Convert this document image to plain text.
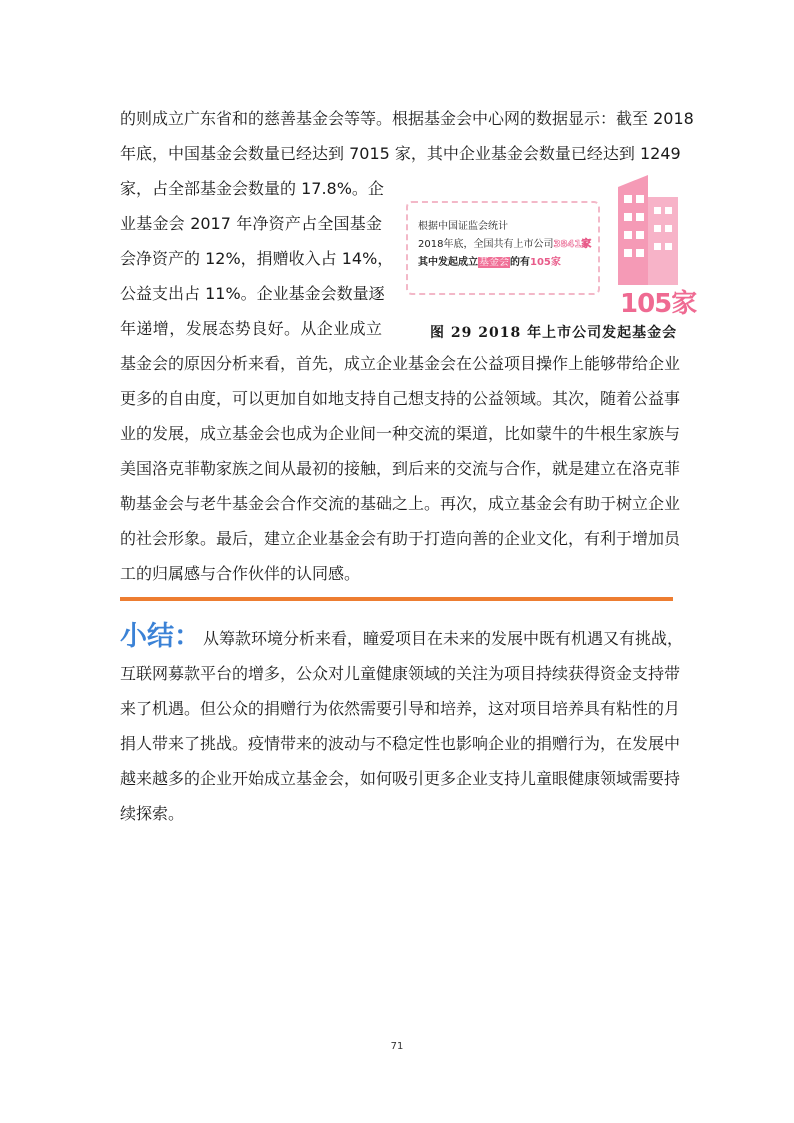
的则成立广东省和的慈善基金会等等。根据基金会中心网的数据显示：截至 2018
年底，中国基金会数量已经达到 7015 家，其中企业基金会数量已经达到 1249
家，占全部基金会数量的 17.8%。企
业基金会 2017 年净资产占全国基金
会净资产的 12%，捐赠收入占 14%，
公益支出占 11%。企业基金会数量逐
年递增，发展态势良好。从企业成立
根据中国证监会统计
2018年底，全国共有上市公司3841家
其中发起成立基金会的有105家
105家
图 29 2018 年上市公司发起基金会
基金会的原因分析来看，首先，成立企业基金会在公益项目操作上能够带给企业
更多的自由度，可以更加自如地支持自己想支持的公益领域。其次，随着公益事
业的发展，成立基金会也成为企业间一种交流的渠道，比如蒙牛的牛根生家族与
美国洛克菲勒家族之间从最初的接触，到后来的交流与合作，就是建立在洛克菲
勒基金会与老牛基金会合作交流的基础之上。再次，成立基金会有助于树立企业
的社会形象。最后，建立企业基金会有助于打造向善的企业文化，有利于增加员
工的归属感与合作伙伴的认同感。
小结： 从筹款环境分析来看，瞳爱项目在未来的发展中既有机遇又有挑战，
互联网募款平台的增多，公众对儿童健康领域的关注为项目持续获得资金支持带
来了机遇。但公众的捐赠行为依然需要引导和培养，这对项目培养具有粘性的月
捐人带来了挑战。疫情带来的波动与不稳定性也影响企业的捐赠行为，在发展中
越来越多的企业开始成立基金会，如何吸引更多企业支持儿童眼健康领域需要持
续探索。
71
